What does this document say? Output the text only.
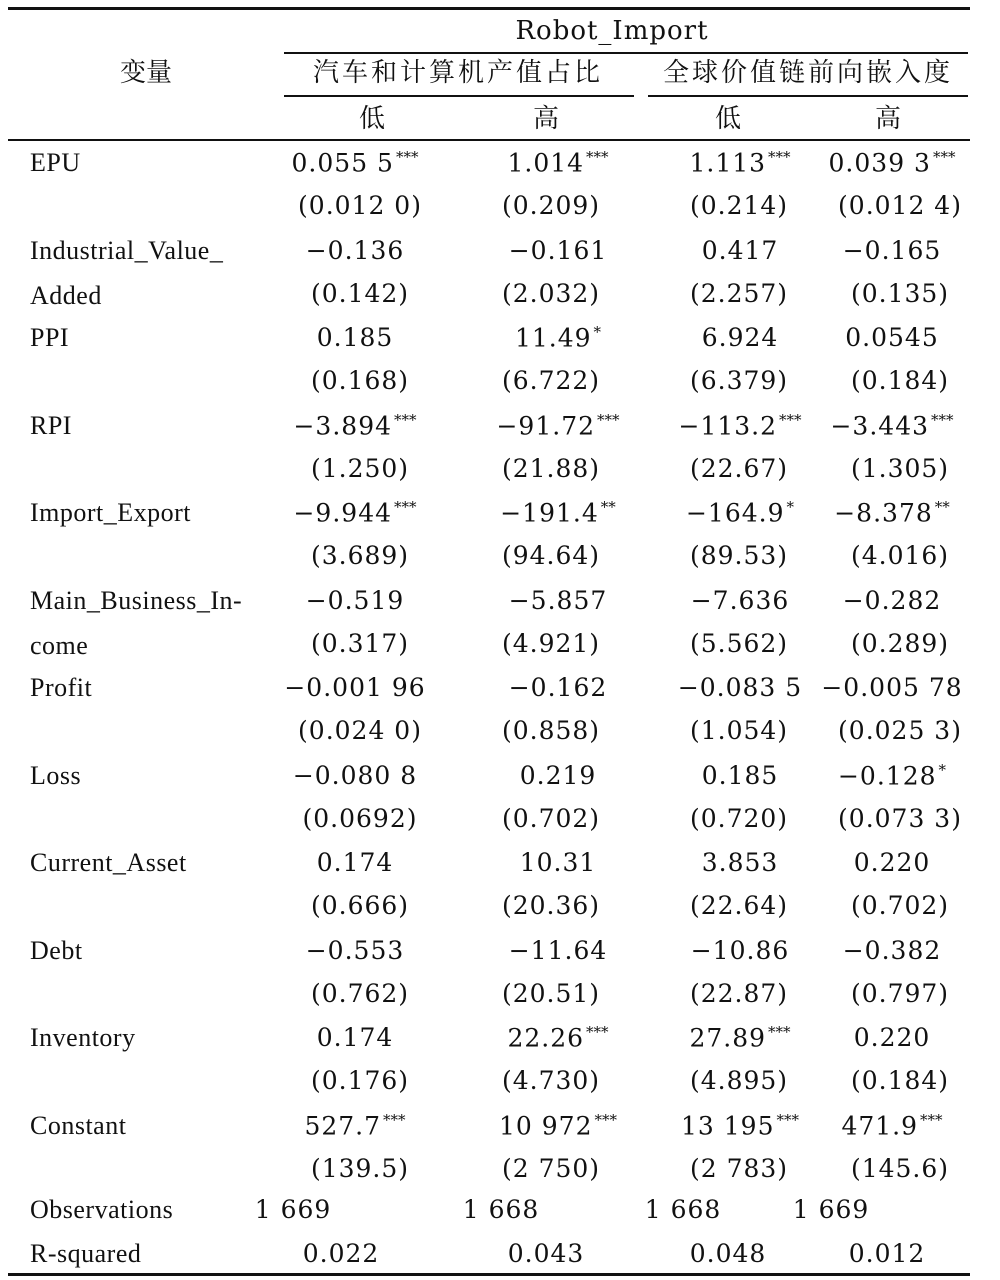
Robot_Import
变量	汽车和计算机产值占比 全球价值链前向嵌入度
低	高	低	高
EPU	0.055 5 ***	1.014 ***	1.113 *** 0.039 3 ***
(0.012 0)	(0.209)	(0.214) (0.012 4)
Industrial_Value_
Added
−0.136	−0.161	0.417	−0.165
(0.142)	(2.032)	(2.257)	(0.135)
PPI	0.185	11.49 *	6.924	0.0545
(0.168)	(6.722)	(6.379)	(0.184)
RPI	−3.894 ***	−91.72 *** −113.2 *** −3.443 ***
(1.250)	(21.88)	(22.67)	(1.305)
Import_Export	−9.944 ***	−191.4 **	−164.9 * −8.378 **
(3.689)	(94.64)	(89.53)	(4.016)
Main_Business_In-
come
−0.519	−5.857	−7.636 −0.282
(0.317)	(4.921)	(5.562)	(0.289)
Profit	−0.001 96	−0.162	−0.083 5 −0.005 78
(0.024 0)	(0.858)	(1.054) (0.025 3)
Loss	−0.080 8	0.219	0.185 −0.128 *
(0.0692)	(0.702)	(0.720) (0.073 3)
Current_Asset	0.174	10.31	3.853	0.220
(0.666)	(20.36)	(22.64)	(0.702)
Debt	−0.553	−11.64	−10.86 −0.382
(0.762)	(20.51)	(22.87)	(0.797)
Inventory	0.174	22.26 ***	27.89 ***	0.220
(0.176)	(4.730)	(4.895)	(0.184)
Constant	527.7 ***	10 972 ***	13 195 *** 471.9 ***
(139.5)	(2 750)	(2 783)	(145.6)
Observations	1 669	1 668	1 668	1 669
R-squared	0.022	0.043	0.048	0.012
